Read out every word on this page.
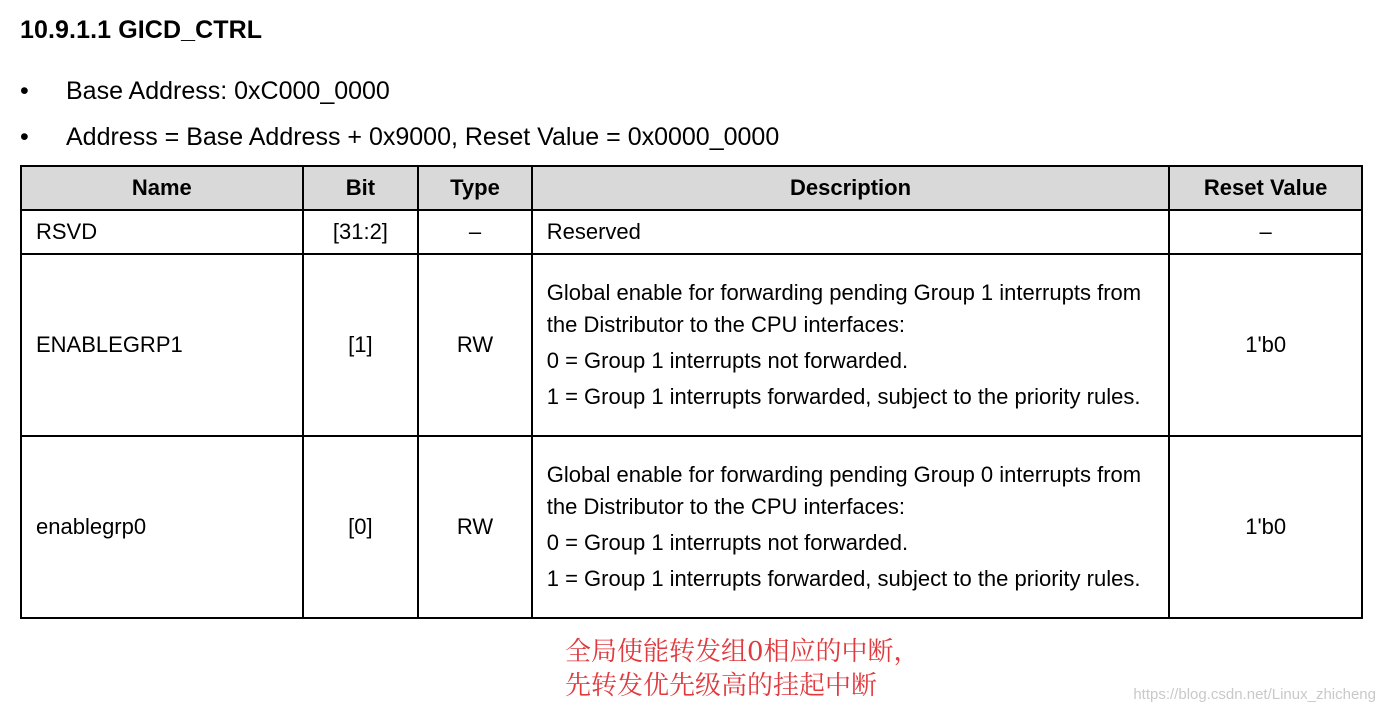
10.9.1.1 GICD_CTRL
• Base Address: 0xC000_0000
• Address = Base Address + 0x9000, Reset Value = 0x0000_0000
Name	Bit	Type	Description	Reset Value
RSVD	[31:2]	–	Reserved	–
ENABLEGRP1	[1]	RW	Global enable for forwarding pending Group 1 interrupts from the Distributor to the CPU interfaces:

0 = Group 1 interrupts not forwarded.

1 = Group 1 interrupts forwarded, subject to the priority rules.	1'b0
enablegrp0	[0]	RW	Global enable for forwarding pending Group 0 interrupts from the Distributor to the CPU interfaces:

0 = Group 1 interrupts not forwarded.

1 = Group 1 interrupts forwarded, subject to the priority rules.	1'b0
全局使能转发组0相应的中断，
先转发优先级高的挂起中断	https://blog.csdn.net/Linux_zhicheng
